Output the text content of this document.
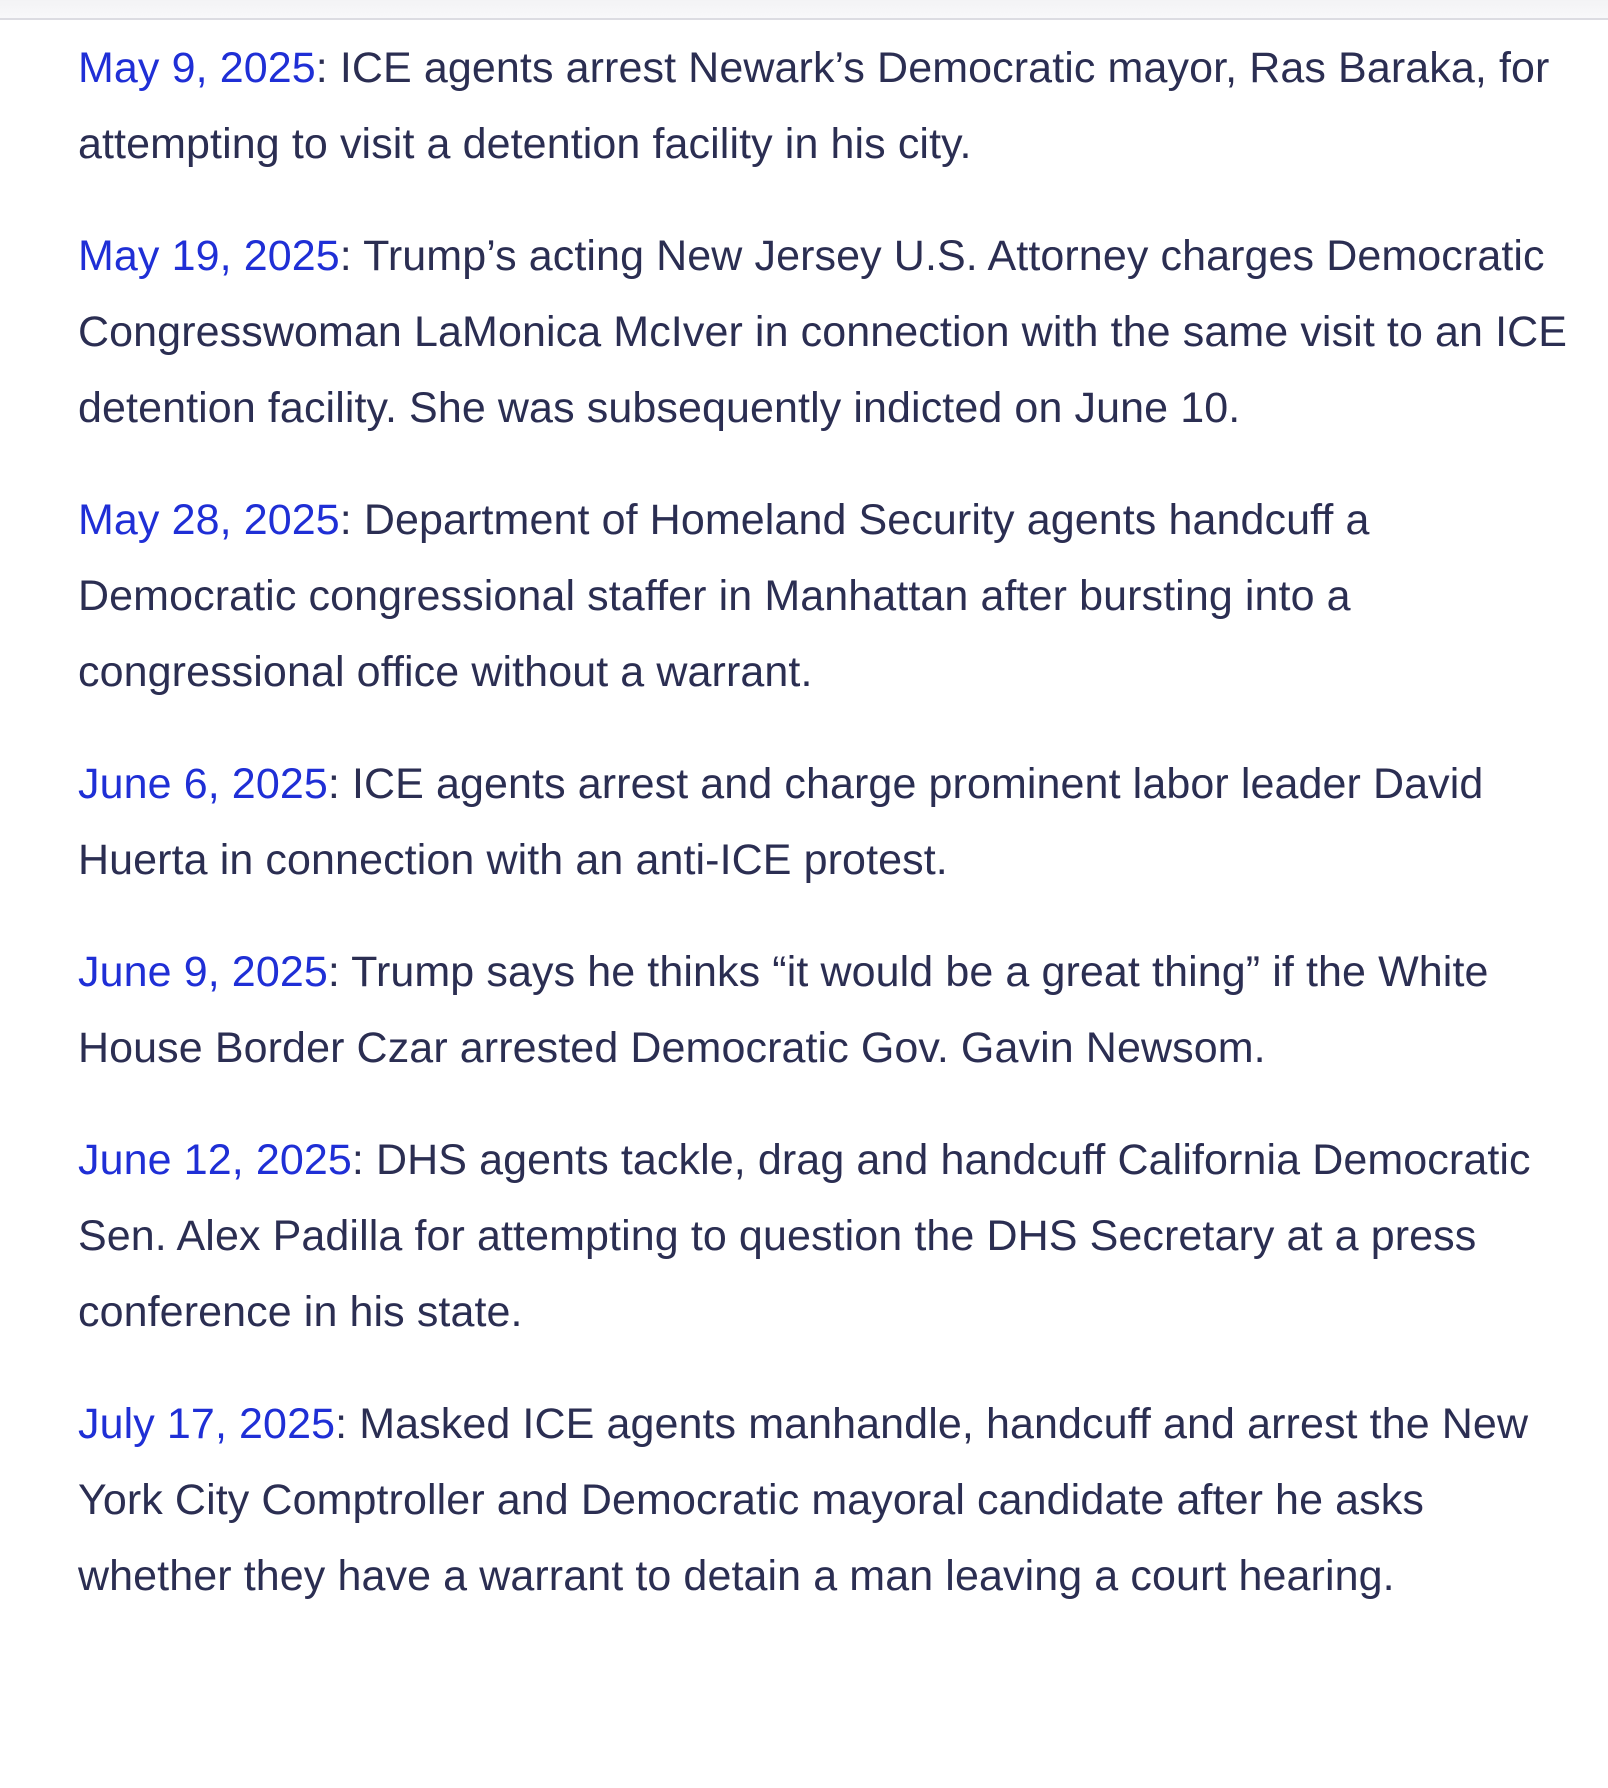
May 9, 2025: ICE agents arrest Newark’s Democratic mayor, Ras Baraka, for attempting to visit a detention facility in his city.

May 19, 2025: Trump’s acting New Jersey U.S. Attorney charges Democratic Congresswoman LaMonica McIver in connection with the same visit to an ICE detention facility. She was subsequently indicted on June 10.

May 28, 2025: Department of Homeland Security agents handcuff a Democratic congressional staffer in Manhattan after bursting into a congressional office without a warrant.

June 6, 2025: ICE agents arrest and charge prominent labor leader David Huerta in connection with an anti-ICE protest.

June 9, 2025: Trump says he thinks “it would be a great thing” if the White House Border Czar arrested Democratic Gov. Gavin Newsom.

June 12, 2025: DHS agents tackle, drag and handcuff California Democratic Sen. Alex Padilla for attempting to question the DHS Secretary at a press conference in his state.

July 17, 2025: Masked ICE agents manhandle, handcuff and arrest the New York City Comptroller and Democratic mayoral candidate after he asks whether they have a warrant to detain a man leaving a court hearing.
